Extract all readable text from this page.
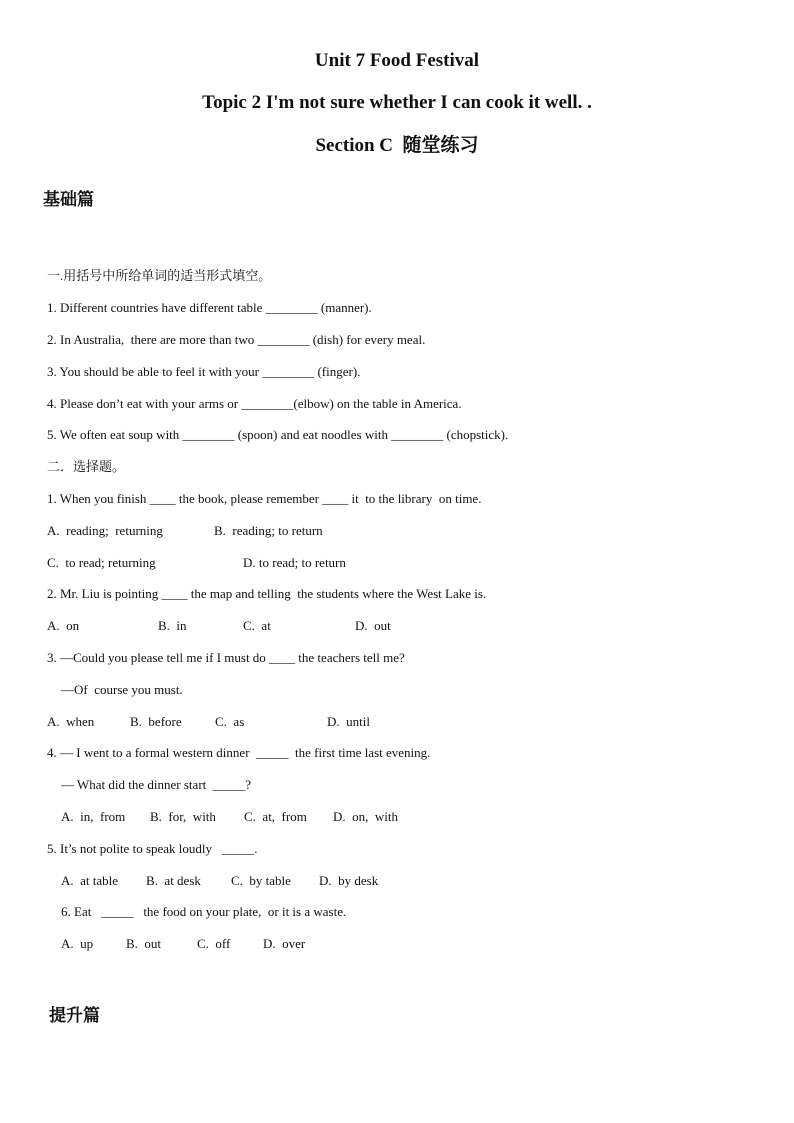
Unit 7 Food Festival
Topic 2 I'm not sure whether I can cook it well. .
Section C  随堂练习
基础篇
一.用括号中所给单词的适当形式填空。
1. Different countries have different table ________ (manner).
2. In Australia,  there are more than two ________ (dish) for every meal.
3. You should be able to feel it with your ________ (finger).
4. Please don’t eat with your arms or ________(elbow) on the table in America.
5. We often eat soup with ________ (spoon) and eat noodles with ________ (chopstick).
二．选择题。
1. When you finish ____ the book, please remember ____ it  to the library  on time.
A.  reading;  returning	B.  reading; to return
C.  to read; returning	D. to read; to return
2. Mr. Liu is pointing ____ the map and telling  the students where the West Lake is.
A.  on	B.  in	C.  at	D.  out
3. —Could you please tell me if I must do ____ the teachers tell me?
—Of  course you must.
A.  when	B.  before	C.  as	D.  until
4. — I went to a formal western dinner  _____  the first time last evening.
— What did the dinner start  _____?
A.  in,  from B.  for,  with C.  at,  from D.  on,  with
5. It’s not polite to speak loudly   _____.
A.  at table B.  at desk C.  by table D.  by desk
6. Eat   _____   the food on your plate,  or it is a waste.
A.  up	B.  out	C.  off	D.  over
提升篇
